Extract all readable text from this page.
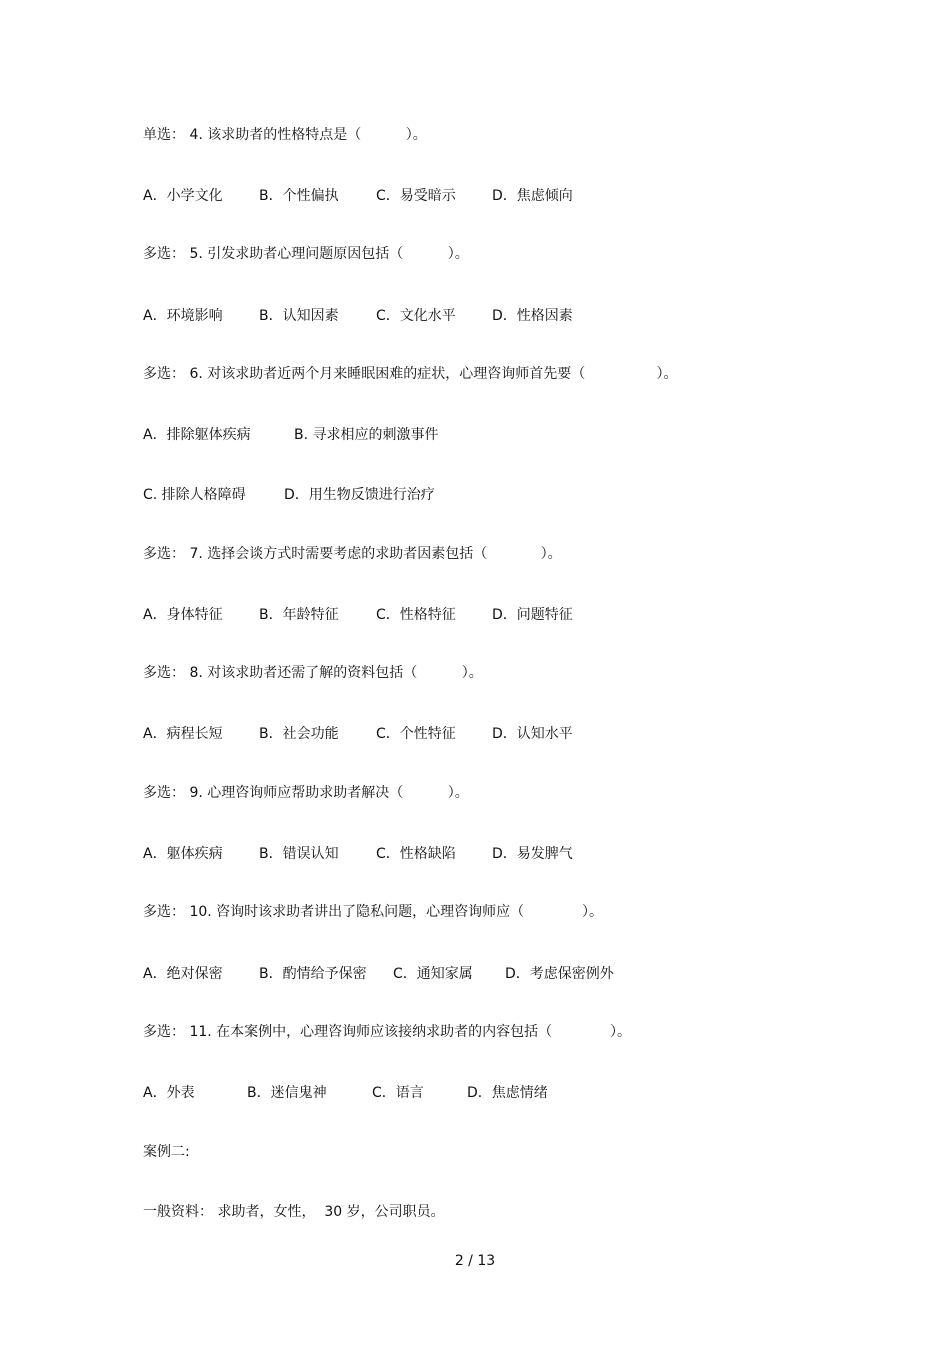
单选： 4. 该求助者的性格特点是（          ）。
A．小学文化	B．个性偏执	C．易受暗示	D．焦虑倾向
多选： 5. 引发求助者心理问题原因包括（          ）。
A．环境影响	B．认知因素	C．文化水平	D．性格因素
多选： 6. 对该求助者近两个月来睡眠困难的症状，心理咨询师首先要（                ）。
A．排除躯体疾病	B. 寻求相应的刺激事件
C. 排除人格障碍	D．用生物反馈进行治疗
多选： 7. 选择会谈方式时需要考虑的求助者因素包括（            ）。
A．身体特征	B．年龄特征	C．性格特征	D．问题特征
多选： 8. 对该求助者还需了解的资料包括（          ）。
A．病程长短	B．社会功能	C．个性特征	D．认知水平
多选： 9. 心理咨询师应帮助求助者解决（          ）。
A．躯体疾病	B．错误认知	C．性格缺陷	D．易发脾气
多选： 10. 咨询时该求助者讲出了隐私问题，心理咨询师应（             ）。
A．绝对保密	B．酌情给予保密 C．通知家属 D．考虑保密例外
多选： 11. 在本案例中，心理咨询师应该接纳求助者的内容包括（             ）。
A．外表	B．迷信鬼神	C．语言	D．焦虑情绪
案例二:
一般资料： 求助者，女性，  30 岁，公司职员。
2 / 13
